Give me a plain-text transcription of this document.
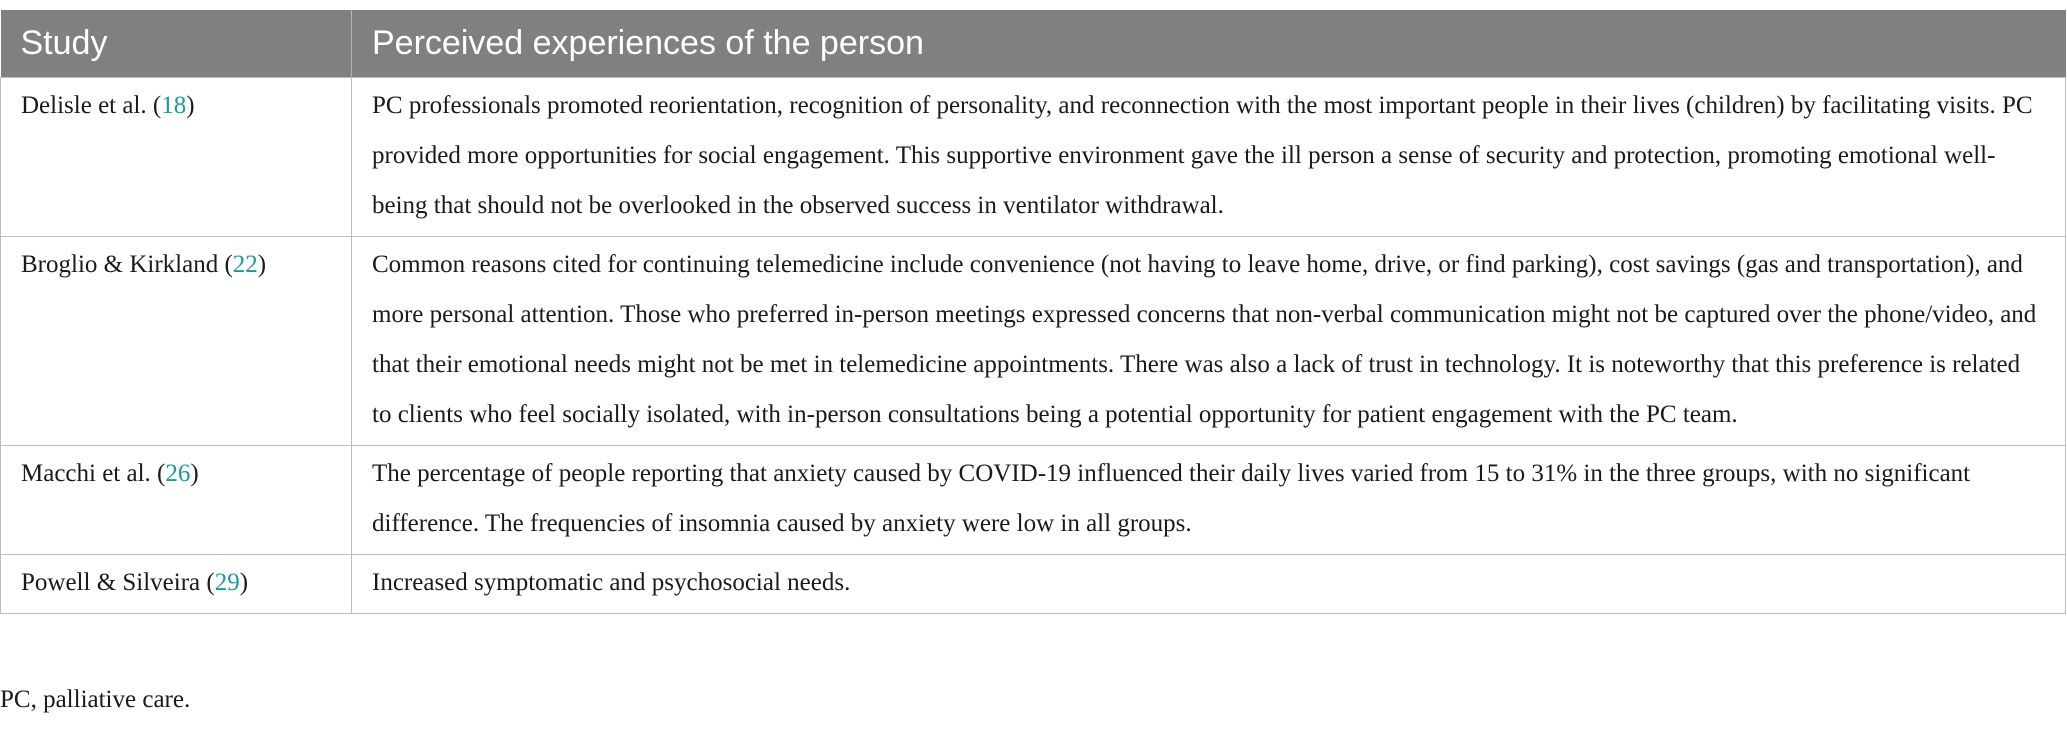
Study	Perceived experiences of the person
Delisle et al. (18)	PC professionals promoted reorientation, recognition of personality, and reconnection with the most important people in their lives (children) by facilitating visits. PC provided more opportunities for social engagement. This supportive environment gave the ill person a sense of security and protection, promoting emotional well-being that should not be overlooked in the observed success in ventilator withdrawal.
Broglio & Kirkland (22)	Common reasons cited for continuing telemedicine include convenience (not having to leave home, drive, or find parking), cost savings (gas and transportation), and more personal attention. Those who preferred in-person meetings expressed concerns that non-verbal communication might not be captured over the phone/video, and that their emotional needs might not be met in telemedicine appointments. There was also a lack of trust in technology. It is noteworthy that this preference is related to clients who feel socially isolated, with in-person consultations being a potential opportunity for patient engagement with the PC team.
Macchi et al. (26)	The percentage of people reporting that anxiety caused by COVID-19 influenced their daily lives varied from 15 to 31% in the three groups, with no significant difference. The frequencies of insomnia caused by anxiety were low in all groups.
Powell & Silveira (29)	Increased symptomatic and psychosocial needs.
PC, palliative care.
